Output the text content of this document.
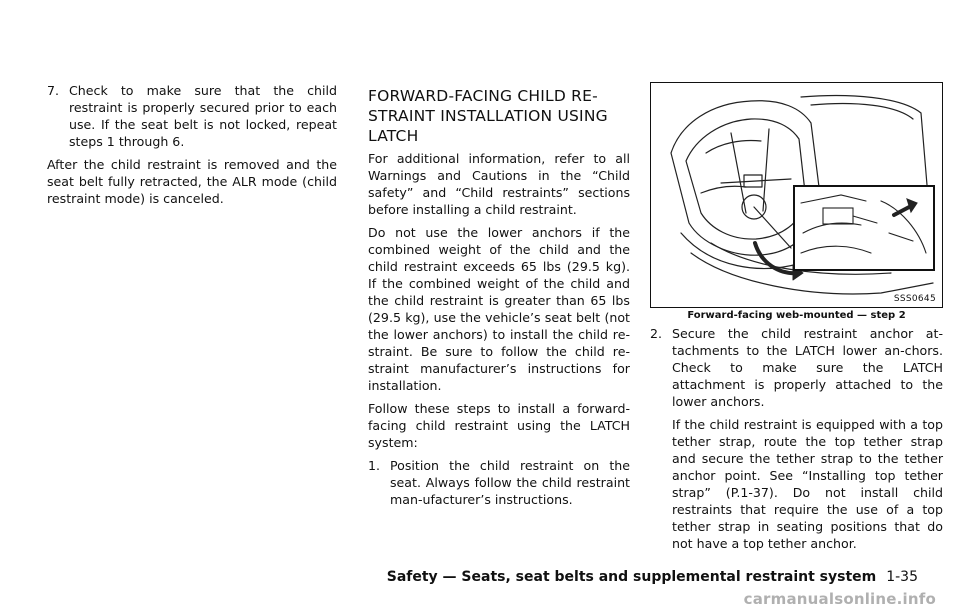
7. Check to make sure that the child restraint is properly secured prior to each use. If the seat belt is not locked, repeat steps 1 through 6.

After the child restraint is removed and the seat belt fully retracted, the ALR mode (child restraint mode) is canceled.

FORWARD-FACING CHILD RE-STRAINT INSTALLATION USING LATCH

For additional information, refer to all Warnings and Cautions in the “Child safety” and “Child restraints” sections before installing a child restraint.

Do not use the lower anchors if the combined weight of the child and the child restraint exceeds 65 lbs (29.5 kg). If the combined weight of the child and the child restraint is greater than 65 lbs (29.5 kg), use the vehicle’s seat belt (not the lower anchors) to install the child re-straint. Be sure to follow the child re-straint manufacturer’s instructions for installation.

Follow these steps to install a forward-facing child restraint using the LATCH system:

1. Position the child restraint on the seat. Always follow the child restraint man-ufacturer’s instructions.

SSS0645

Forward-facing web-mounted — step 2

2. Secure the child restraint anchor at-tachments to the LATCH lower an-chors. Check to make sure the LATCH attachment is properly attached to the lower anchors.

If the child restraint is equipped with a top tether strap, route the top tether strap and secure the tether strap to the tether anchor point. See “Installing top tether strap” (P.1-37). Do not install child restraints that require the use of a top tether strap in seating positions that do not have a top tether anchor.

Safety — Seats, seat belts and supplemental restraint system 1-35
carmanualsonline.info
